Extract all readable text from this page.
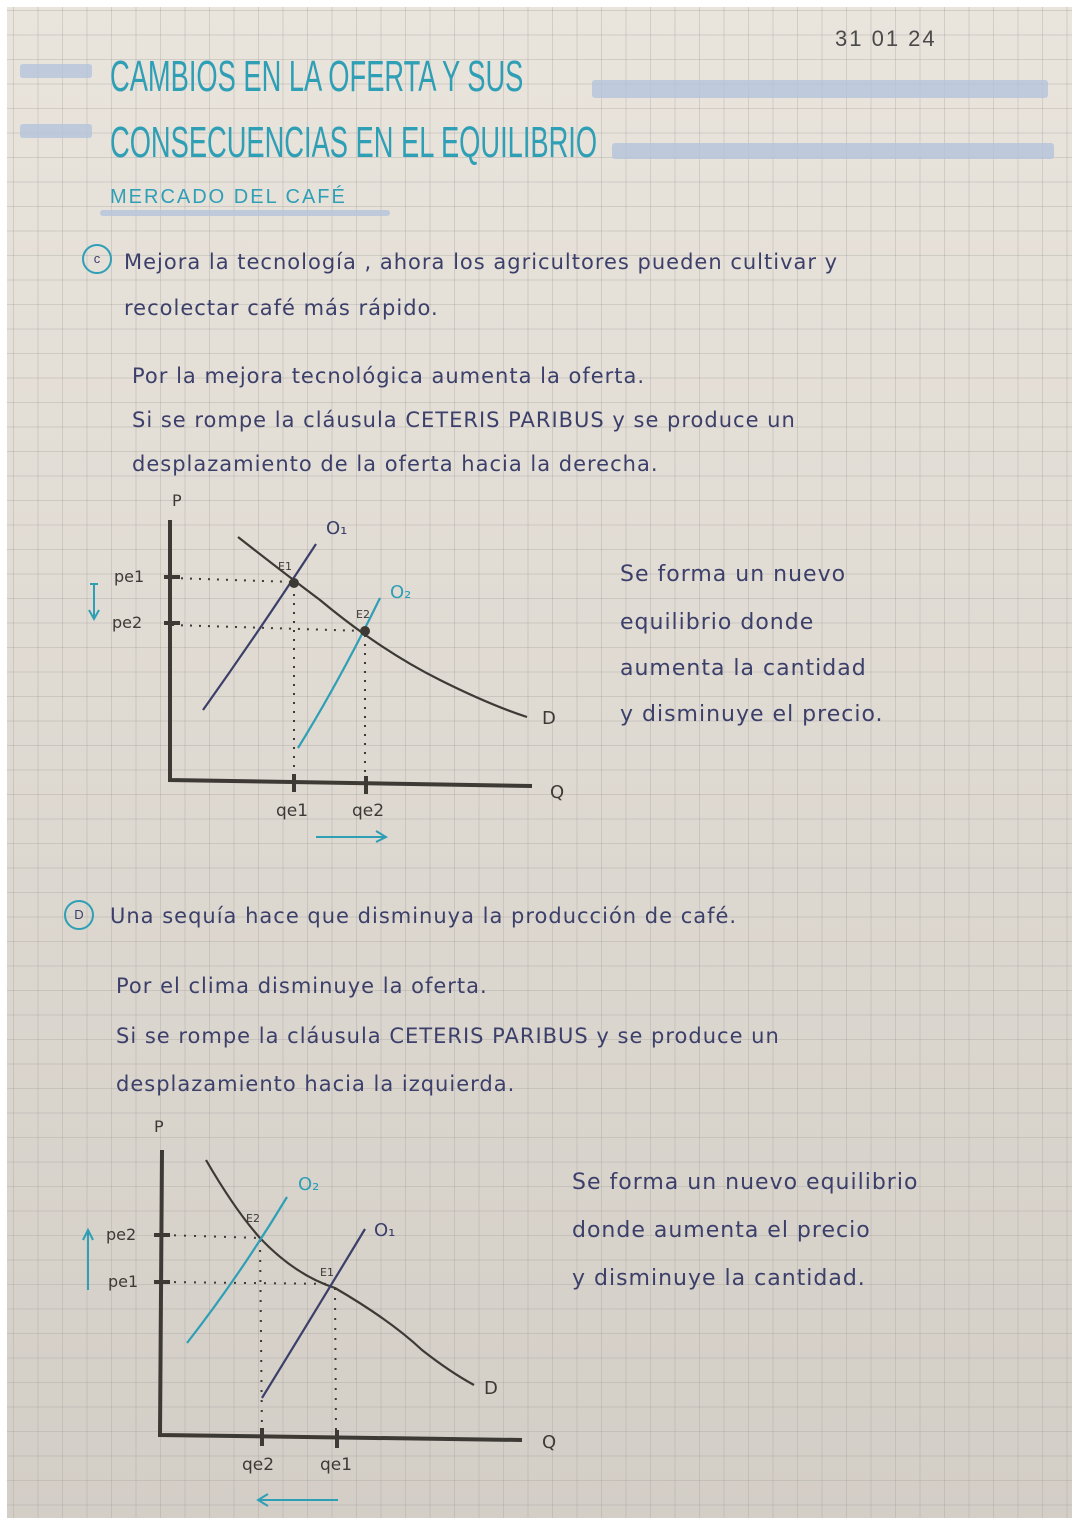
31 01 24
CAMBIOS EN LA OFERTA Y SUS
CONSECUENCIAS EN EL EQUILIBRIO
MERCADO DEL CAFÉ
c	Mejora la tecnología , ahora los agricultores pueden cultivar y
recolectar café más rápido.
Por la mejora tecnológica aumenta la oferta.
Si se rompe la cláusula CETERIS PARIBUS y se produce un
desplazamiento de la oferta hacia la derecha.
P
Q
E1
E2
O₁
O₂
D
pe1
pe2
qe1	qe2
Se forma un nuevo
equilibrio donde
aumenta la cantidad
y disminuye el precio.
D	Una sequía hace que disminuya la producción de café.
Por el clima disminuye la oferta.
Si se rompe la cláusula CETERIS PARIBUS y se produce un
desplazamiento hacia la izquierda.
P
Q
E2
E1
O₂
O₁
D
pe2
pe1
qe2	qe1
Se forma un nuevo equilibrio
donde aumenta el precio
y disminuye la cantidad.
